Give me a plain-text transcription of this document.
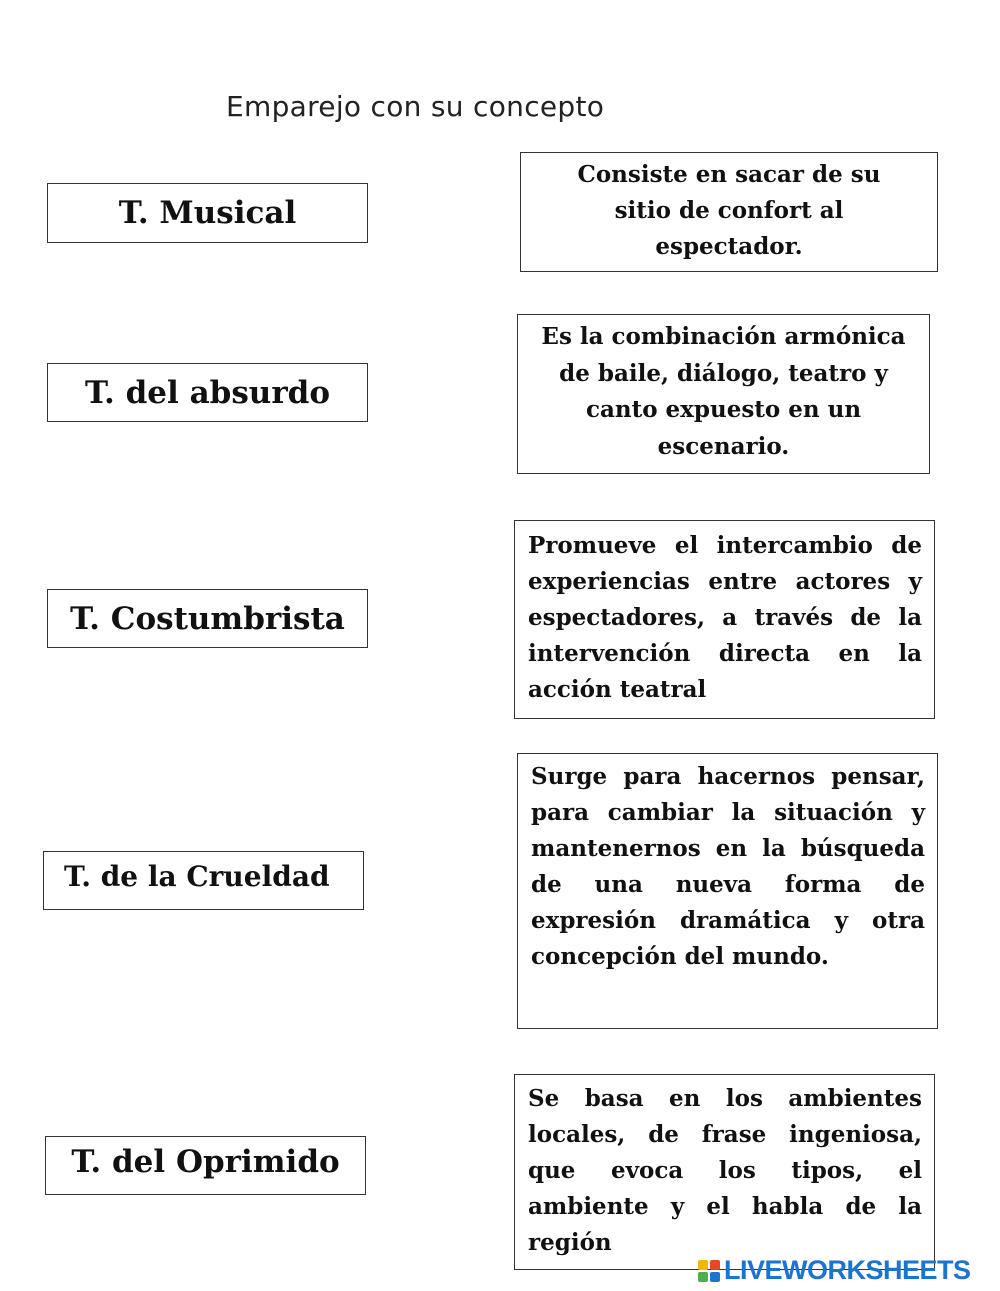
Emparejo con su concepto
T. Musical
T. del absurdo
T. Costumbrista
T. de la Crueldad
T. del Oprimido
Consiste en sacar de su sitio de confort al espectador.
Es la combinación armónica de baile, diálogo, teatro y canto expuesto en un escenario.
Promueve el intercambio de experiencias entre actores y espectadores, a través de la intervención directa en la acción teatral
Surge para hacernos pensar, para cambiar la situación y mantenernos en la búsqueda de una nueva forma de expresión dramática y otra concepción del mundo.
Se basa en los ambientes locales, de frase ingeniosa, que evoca los tipos, el ambiente y el habla de la región
LIVEWORKSHEETS
